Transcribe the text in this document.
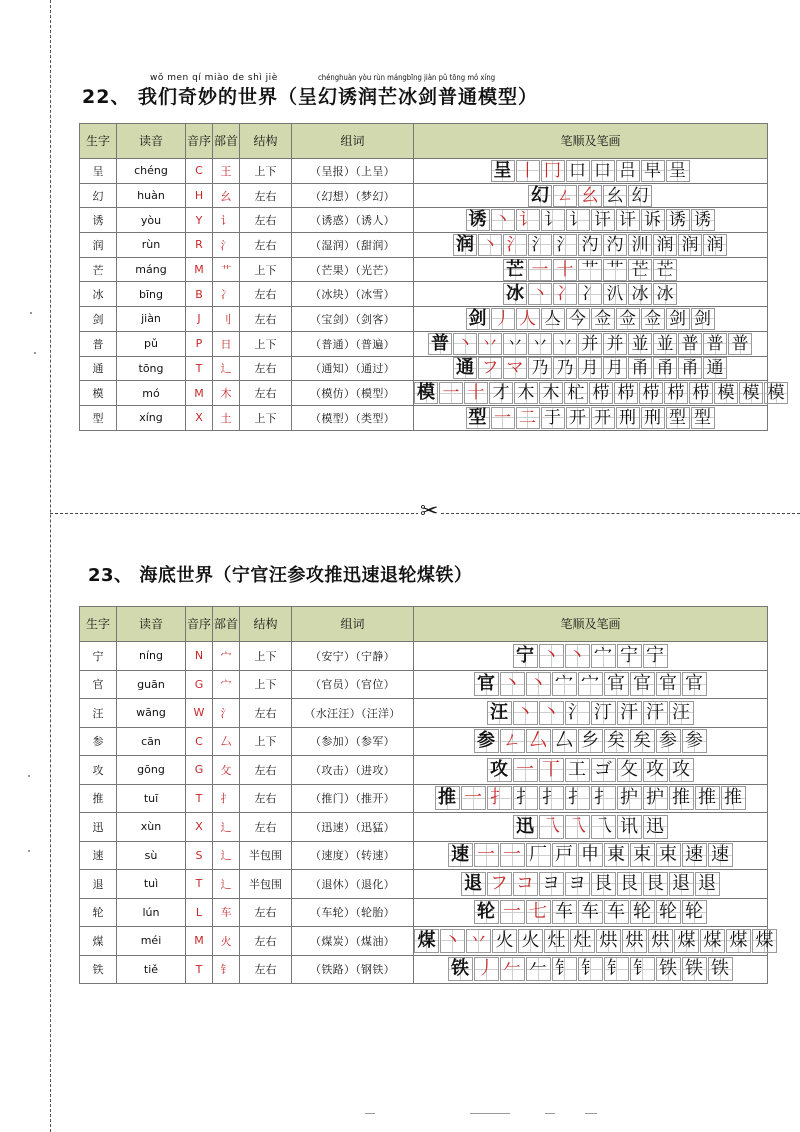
wǒ men qí miào de shì jiè	chénghuàn yòu rùn mángbīng jiàn pǔ tōng mó xíng
22、 我们奇妙的世界（呈幻诱润芒冰剑普通模型）
生字	读音	音序	部首	结构	组词	笔顺及笔画
呈	chéng	C	王	上下	（呈报）（上呈）	呈 丨 冂 口 口 吕 早 呈
幻	huàn	H	幺	左右	（幻想）（梦幻）	幻 ㄥ 幺 幺 幻
诱	yòu	Y	讠	左右	（诱惑）（诱人）	诱 丶 讠 讠 讠 讦 讦 诉 诱 诱
润	rùn	R	氵	左右	（湿润）（甜润）	润 丶 氵 氵 氵 汋 汋 汌 润 润 润
芒	máng	M	艹	上下	（芒果）（光芒）	芒 一 十 艹 艹 芒 芒
冰	bīng	B	冫	左右	（冰块）（冰雪）	冰 丶 冫 冫 汃 冰 冰
剑	jiàn	J	刂	左右	（宝剑）（剑客）	剑 丿 人 亼 今 佥 佥 佥 剑 剑
普	pǔ	P	日	上下	（普通）（普遍）	普 丶 丷 丷 丷 丷 并 并 並 並 普 普 普
通	tōng	T	辶	左右	（通知）（通过）	通 フ マ 乃 乃 月 月 甬 甬 甬 通
模	mó	M	木	左右	（模仿）（模型）	模 一 十 才 木 木 杧 栉 栉 栉 栉 栉 模 模 模
型	xíng	X	土	上下	（模型）（类型）	型 一 二 于 开 开 刑 刑 型 型
✂
23、 海底世界（宁官汪参攻推迅速退轮煤铁）
生字	读音	音序	部首	结构	组词	笔顺及笔画
宁	níng	N	宀	上下	（安宁）（宁静）	宁 丶 丶 宀 宁 宁
官	guān	G	宀	上下	（官员）（官位）	官 丶 丶 宀 宀 官 官 官 官
汪	wāng	W	氵	左右	（水汪汪）（汪洋）	汪 丶 丶 氵 汀 汗 汗 汪
参	cān	C	厶	上下	（参加）（参军）	参 ㄥ 厶 厶 乡 矣 矣 参 参
攻	gōng	G	攵	左右	（攻击）（进攻）	攻 一 丅 工 ゴ 攵 攻 攻
推	tuī	T	扌	左右	（推门）（推开）	推 一 扌 扌 扌 扌 扌 护 护 推 推 推
迅	xùn	X	辶	左右	（迅速）（迅猛）	迅 乁 乁 乁 讯 迅
速	sù	S	辶	半包围	（速度）（转速）	速 一 一 厂 戸 申 東 束 束 速 速
退	tuì	T	辶	半包围	（退休）（退化）	退 フ コ ヨ ヨ 艮 艮 艮 退 退
轮	lún	L	车	左右	（车轮）（轮胎）	轮 一 七 车 车 车 轮 轮 轮
煤	méi	M	火	左右	（煤炭）（煤油）	煤 丶 丷 火 火 灶 灶 烘 烘 烘 煤 煤 煤 煤
铁	tiě	T	钅	左右	（铁路）（钢铁）	铁 丿 𠂉 𠂉 钅 钅 钅 钅 铁 铁 铁
